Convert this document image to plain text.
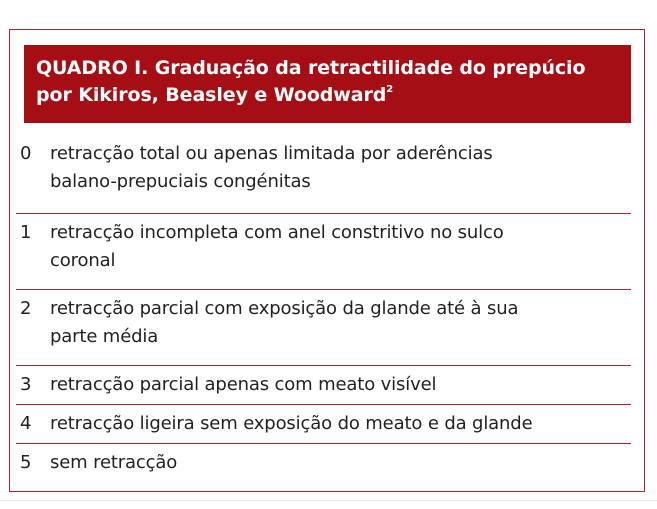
QUADRO I. Graduação da retractilidade do prepúcio
por Kikiros, Beasley e Woodward$^2$
0	retracção total ou apenas limitada por aderências
balano-prepuciais congénitas
1	retracção incompleta com anel constritivo no sulco
coronal
2	retracção parcial com exposição da glande até à sua
parte média
3	retracção parcial apenas com meato visível
4	retracção ligeira sem exposição do meato e da glande
5	sem retracção
